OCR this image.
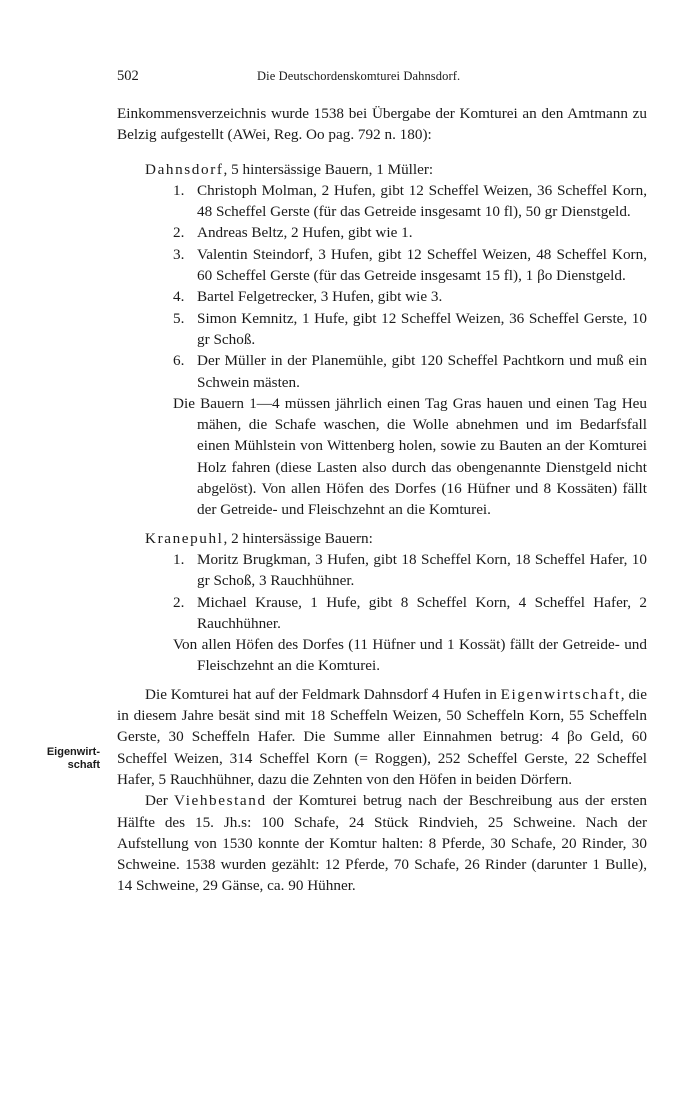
502	Die Deutschordenskomturei Dahnsdorf.
Eigenwirt-
schaft

Einkommensverzeichnis wurde 1538 bei Übergabe der Komturei an den Amtmann zu Belzig aufgestellt (AWei, Reg. Oo pag. 792 n. 180):

Dahnsdorf, 5 hintersässige Bauern, 1 Müller:

1. Christoph Molman, 2 Hufen, gibt 12 Scheffel Weizen, 36 Scheffel Korn, 48 Scheffel Gerste (für das Getreide insgesamt 10 fl), 50 gr Dienstgeld.
2. Andreas Beltz, 2 Hufen, gibt wie 1.
3. Valentin Steindorf, 3 Hufen, gibt 12 Scheffel Weizen, 48 Scheffel Korn, 60 Scheffel Gerste (für das Getreide insgesamt 15 fl), 1 βo Dienstgeld.
4. Bartel Felgetrecker, 3 Hufen, gibt wie 3.
5. Simon Kemnitz, 1 Hufe, gibt 12 Scheffel Weizen, 36 Scheffel Gerste, 10 gr Schoß.
6. Der Müller in der Planemühle, gibt 120 Scheffel Pachtkorn und muß ein Schwein mästen.

Die Bauern 1—4 müssen jährlich einen Tag Gras hauen und einen Tag Heu mähen, die Schafe waschen, die Wolle abnehmen und im Bedarfsfall einen Mühlstein von Wittenberg holen, sowie zu Bauten an der Komturei Holz fahren (diese Lasten also durch das obengenannte Dienstgeld nicht abgelöst). Von allen Höfen des Dorfes (16 Hüfner und 8 Kossäten) fällt der Getreide- und Fleischzehnt an die Komturei.

Kranepuhl, 2 hintersässige Bauern:

1. Moritz Brugkman, 3 Hufen, gibt 18 Scheffel Korn, 18 Scheffel Hafer, 10 gr Schoß, 3 Rauchhühner.
2. Michael Krause, 1 Hufe, gibt 8 Scheffel Korn, 4 Scheffel Hafer, 2 Rauchhühner.

Von allen Höfen des Dorfes (11 Hüfner und 1 Kossät) fällt der Getreide- und Fleischzehnt an die Komturei.

Die Komturei hat auf der Feldmark Dahnsdorf 4 Hufen in Eigenwirtschaft, die in diesem Jahre besät sind mit 18 Scheffeln Weizen, 50 Scheffeln Korn, 55 Scheffeln Gerste, 30 Scheffeln Hafer. Die Summe aller Einnahmen betrug: 4 βo Geld, 60 Scheffel Weizen, 314 Scheffel Korn (= Roggen), 252 Scheffel Gerste, 22 Scheffel Hafer, 5 Rauchhühner, dazu die Zehnten von den Höfen in beiden Dörfern.

Der Viehbestand der Komturei betrug nach der Beschreibung aus der ersten Hälfte des 15. Jh.s: 100 Schafe, 24 Stück Rindvieh, 25 Schweine. Nach der Aufstellung von 1530 konnte der Komtur halten: 8 Pferde, 30 Schafe, 20 Rinder, 30 Schweine. 1538 wurden gezählt: 12 Pferde, 70 Schafe, 26 Rinder (darunter 1 Bulle), 14 Schweine, 29 Gänse, ca. 90 Hühner.
